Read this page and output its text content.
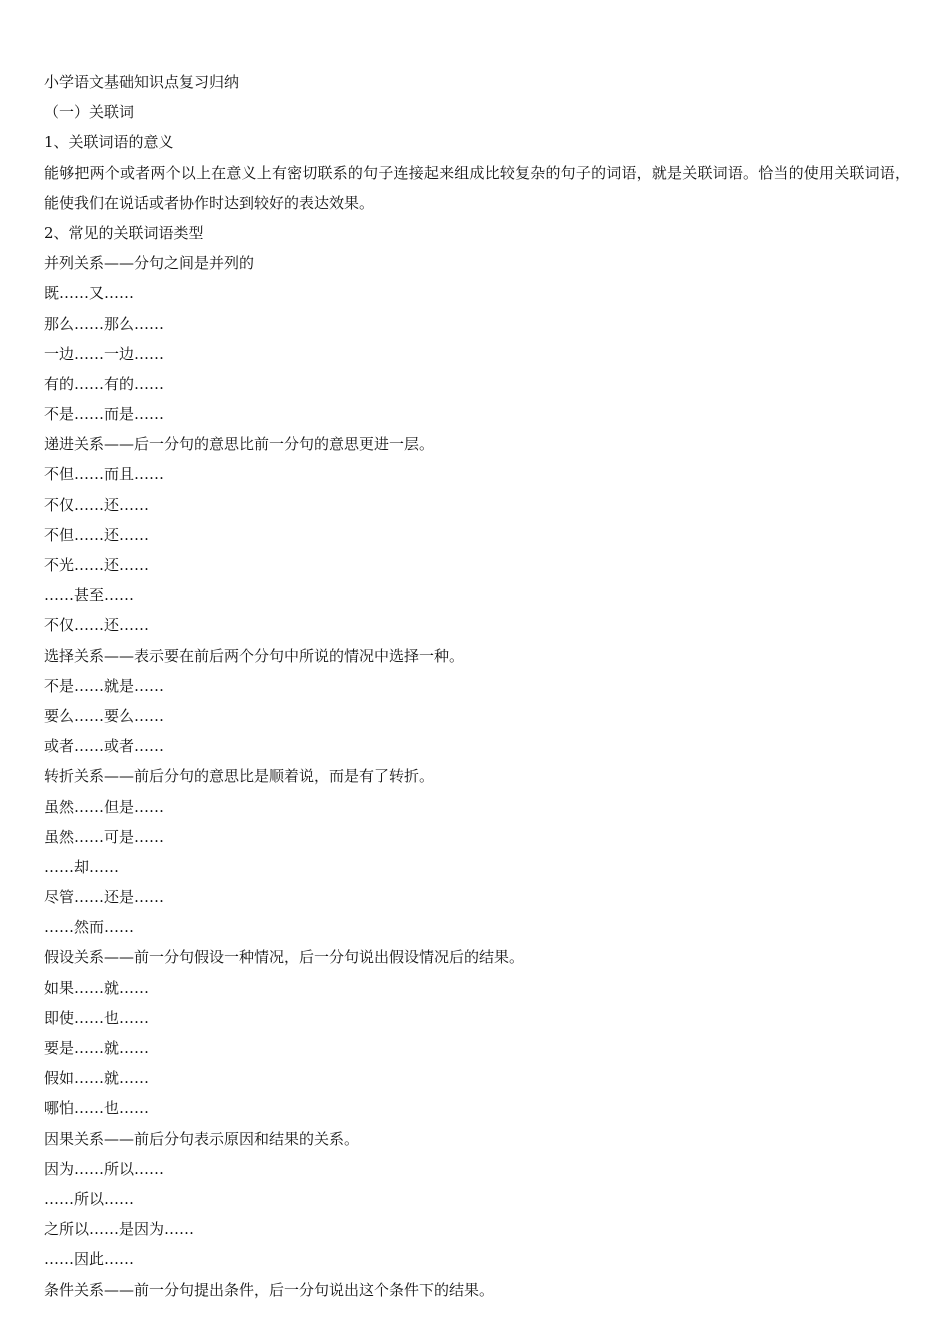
小学语文基础知识点复习归纳
（一）关联词
1、关联词语的意义
能够把两个或者两个以上在意义上有密切联系的句子连接起来组成比较复杂的句子的词语，就是关联词语。恰当的使用关联词语，能使我们在说话或者协作时达到较好的表达效果。
2、常见的关联词语类型
并列关系——分句之间是并列的
既……又……
那么……那么……
一边……一边……
有的……有的……
不是……而是……
递进关系——后一分句的意思比前一分句的意思更进一层。
不但……而且……
不仅……还……
不但……还……
不光……还……
……甚至……
不仅……还……
选择关系——表示要在前后两个分句中所说的情况中选择一种。
不是……就是……
要么……要么……
或者……或者……
转折关系——前后分句的意思比是顺着说，而是有了转折。
虽然……但是……
虽然……可是……
……却……
尽管……还是……
……然而……
假设关系——前一分句假设一种情况，后一分句说出假设情况后的结果。
如果……就……
即使……也……
要是……就……
假如……就……
哪怕……也……
因果关系——前后分句表示原因和结果的关系。
因为……所以……
……所以……
之所以……是因为……
……因此……
条件关系——前一分句提出条件，后一分句说出这个条件下的结果。
